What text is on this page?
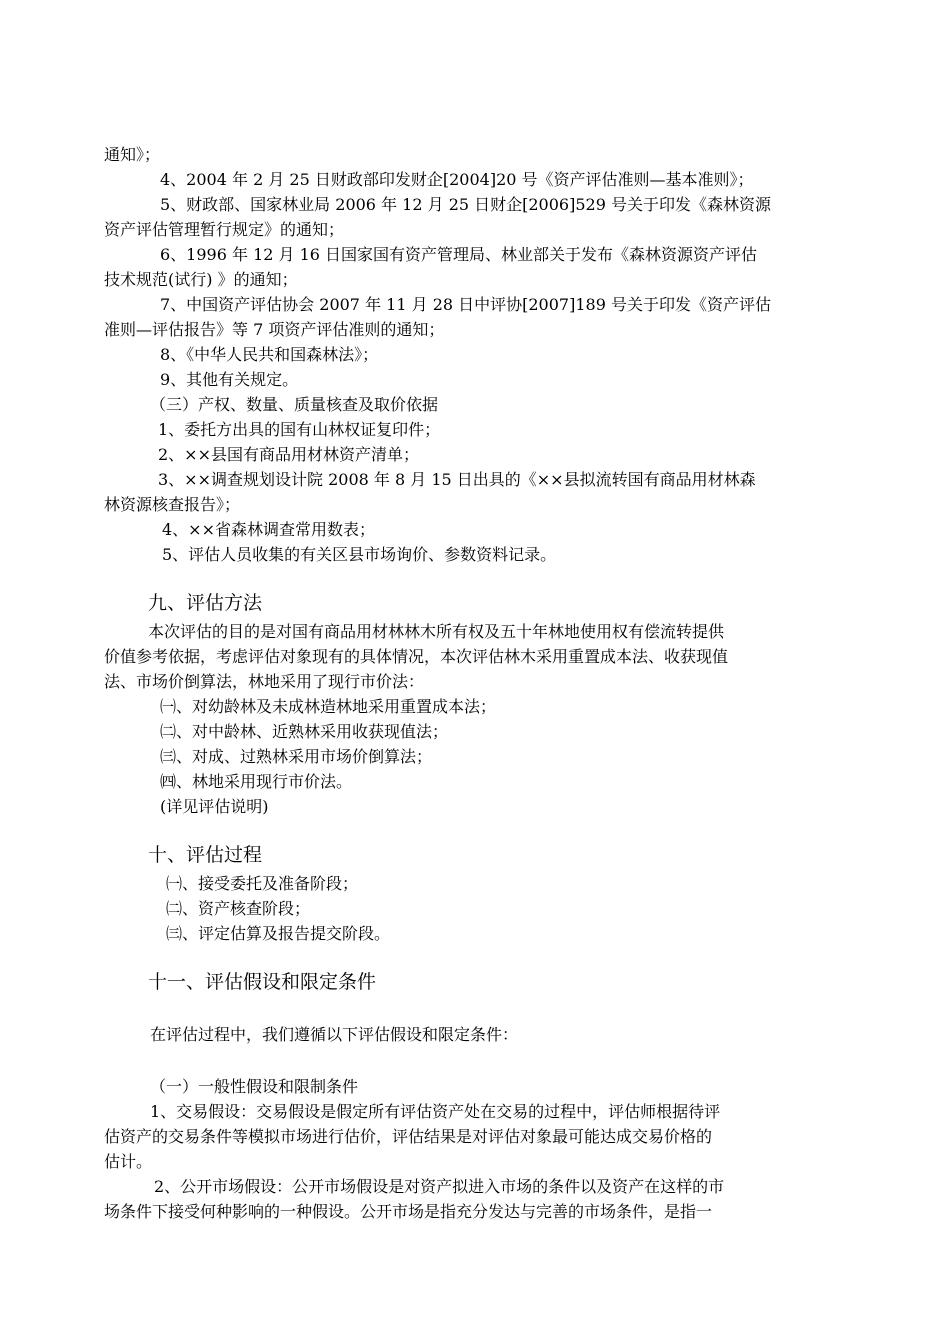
通知》；
4、2004 年 2 月 25 日财政部印发财企[2004]20 号《资产评估准则—基本准则》；
5、财政部、国家林业局 2006 年 12 月 25 日财企[2006]529 号关于印发《森林资源
资产评估管理暂行规定》的通知；
6、1996 年 12 月 16 日国家国有资产管理局、林业部关于发布《森林资源资产评估
技术规范(试行) 》的通知；
7、中国资产评估协会 2007 年 11 月 28 日中评协[2007]189 号关于印发《资产评估
准则—评估报告》等 7 项资产评估准则的通知；
8、《中华人民共和国森林法》；
9、其他有关规定。
（三）产权、数量、质量核查及取价依据
1、委托方出具的国有山林权证复印件；
2、××县国有商品用材林资产清单；
3、××调查规划设计院 2008 年 8 月 15 日出具的《××县拟流转国有商品用材林森
林资源核查报告》；
4、××省森林调查常用数表；
5、评估人员收集的有关区县市场询价、参数资料记录。
九、评估方法
本次评估的目的是对国有商品用材林林木所有权及五十年林地使用权有偿流转提供
价值参考依据，考虑评估对象现有的具体情况，本次评估林木采用重置成本法、收获现值
法、市场价倒算法，林地采用了现行市价法：
㈠、对幼龄林及未成林造林地采用重置成本法；
㈡、对中龄林、近熟林采用收获现值法；
㈢、对成、过熟林采用市场价倒算法；
㈣、林地采用现行市价法。
(详见评估说明)
十、评估过程
㈠、接受委托及准备阶段；
㈡、资产核查阶段；
㈢、评定估算及报告提交阶段。
十一、评估假设和限定条件
在评估过程中，我们遵循以下评估假设和限定条件：
（一）一般性假设和限制条件
1、交易假设：交易假设是假定所有评估资产处在交易的过程中，评估师根据待评
估资产的交易条件等模拟市场进行估价，评估结果是对评估对象最可能达成交易价格的
估计。
2、公开市场假设：公开市场假设是对资产拟进入市场的条件以及资产在这样的市
场条件下接受何种影响的一种假设。公开市场是指充分发达与完善的市场条件，是指一
